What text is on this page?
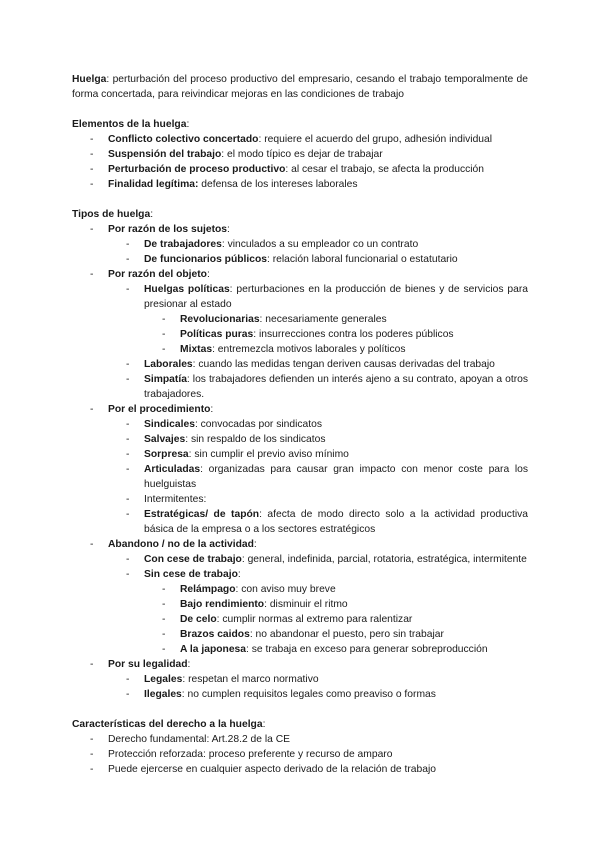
Huelga: perturbación del proceso productivo del empresario, cesando el trabajo temporalmente de forma concertada, para reivindicar mejoras en las condiciones de trabajo

Elementos de la huelga:

- Conflicto colectivo concertado: requiere el acuerdo del grupo, adhesión individual
- Suspensión del trabajo: el modo típico es dejar de trabajar
- Perturbación de proceso productivo: al cesar el trabajo, se afecta la producción
- Finalidad legítima: defensa de los intereses laborales

Tipos de huelga:

- Por razón de los sujetos:
- De trabajadores: vinculados a su empleador co un contrato
- De funcionarios públicos: relación laboral funcionarial o estatutario
- Por razón del objeto:
- Huelgas políticas: perturbaciones en la producción de bienes y de servicios para presionar al estado
- Revolucionarias: necesariamente generales
- Políticas puras: insurrecciones contra los poderes públicos
- Mixtas: entremezcla motivos laborales y políticos
- Laborales: cuando las medidas tengan deriven causas derivadas del trabajo
- Simpatía: los trabajadores defienden un interés ajeno a su contrato, apoyan a otros trabajadores.
- Por el procedimiento:
- Sindicales: convocadas por sindicatos
- Salvajes: sin respaldo de los sindicatos
- Sorpresa: sin cumplir el previo aviso mínimo
- Articuladas: organizadas para causar gran impacto con menor coste para los huelguistas
- Intermitentes:
- Estratégicas/ de tapón: afecta de modo directo solo a la actividad productiva básica de la empresa o a los sectores estratégicos
- Abandono / no de la actividad:
- Con cese de trabajo: general, indefinida, parcial, rotatoria, estratégica, intermitente
- Sin cese de trabajo:
- Relámpago: con aviso muy breve
- Bajo rendimiento: disminuir el ritmo
- De celo: cumplir normas al extremo para ralentizar
- Brazos caidos: no abandonar el puesto, pero sin trabajar
- A la japonesa: se trabaja en exceso para generar sobreproducción
- Por su legalidad:
- Legales: respetan el marco normativo
- Ilegales: no cumplen requisitos legales como preaviso o formas

Características del derecho a la huelga:

- Derecho fundamental: Art.28.2 de la CE
- Protección reforzada: proceso preferente y recurso de amparo
- Puede ejercerse en cualquier aspecto derivado de la relación de trabajo
